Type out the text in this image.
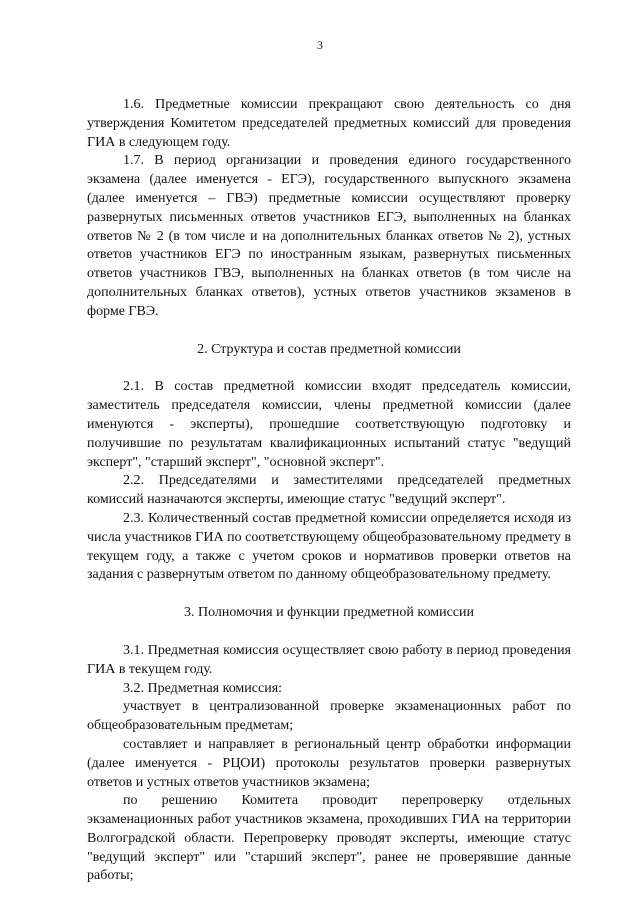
3

1.6. Предметные комиссии прекращают свою деятельность со дня утверждения Комитетом председателей предметных комиссий для проведения ГИА в следующем году.

1.7. В период организации и проведения единого государственного экзамена (далее именуется - ЕГЭ), государственного выпускного экзамена (далее именуется – ГВЭ) предметные комиссии осуществляют проверку развернутых письменных ответов участников ЕГЭ, выполненных на бланках ответов № 2 (в том числе и на дополнительных бланках ответов № 2), устных ответов участников ЕГЭ по иностранным языкам, развернутых письменных ответов участников ГВЭ, выполненных на бланках ответов (в том числе на дополнительных бланках ответов), устных ответов участников экзаменов в форме ГВЭ.

2. Структура и состав предметной комиссии

2.1. В состав предметной комиссии входят председатель комиссии, заместитель председателя комиссии, члены предметной комиссии (далее именуются - эксперты), прошедшие соответствующую подготовку и получившие по результатам квалификационных испытаний статус "ведущий эксперт", "старший эксперт", "основной эксперт".

2.2. Председателями и заместителями председателей предметных комиссий назначаются эксперты, имеющие статус "ведущий эксперт".

2.3. Количественный состав предметной комиссии определяется исходя из числа участников ГИА по соответствующему общеобразовательному предмету в текущем году, а также с учетом сроков и нормативов проверки ответов на задания с развернутым ответом по данному общеобразовательному предмету.

3. Полномочия и функции предметной комиссии

3.1. Предметная комиссия осуществляет свою работу в период проведения ГИА в текущем году.

3.2. Предметная комиссия:

участвует в централизованной проверке экзаменационных работ по общеобразовательным предметам;

составляет и направляет в региональный центр обработки информации (далее именуется - РЦОИ) протоколы результатов проверки развернутых ответов и устных ответов участников экзамена;

по решению Комитета проводит перепроверку отдельных экзаменационных работ участников экзамена, проходивших ГИА на территории Волгоградской области. Перепроверку проводят эксперты, имеющие статус "ведущий эксперт" или "старший эксперт", ранее не проверявшие данные работы;
